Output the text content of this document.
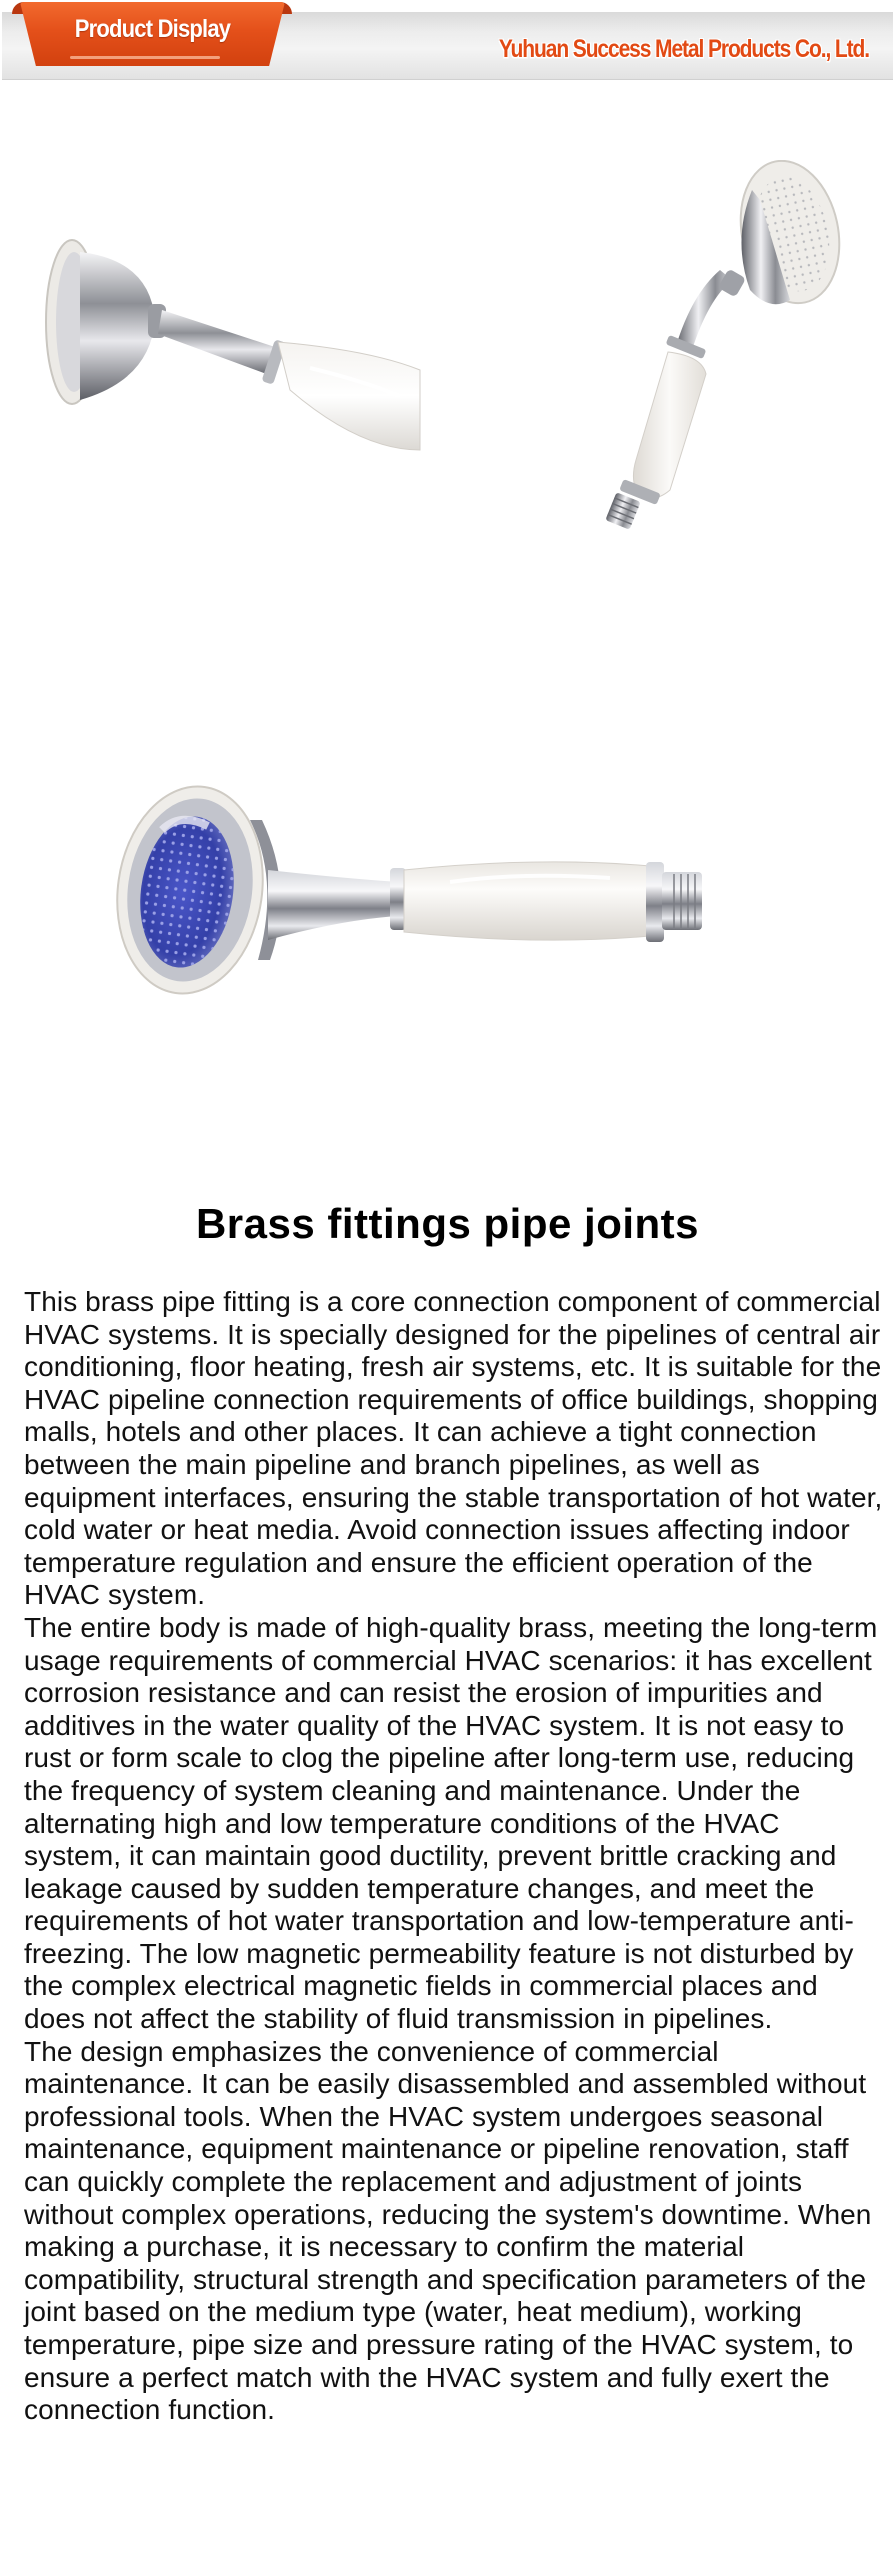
Product Display
Yuhuan Success Metal Products Co., Ltd.
Brass fittings pipe joints

This brass pipe fitting is a core connection component of commercial HVAC systems. It is specially designed for the pipelines of central air conditioning, floor heating, fresh air systems, etc. It is suitable for the HVAC pipeline connection requirements of office buildings, shopping malls, hotels and other places. It can achieve a tight connection between the main pipeline and branch pipelines, as well as equipment interfaces, ensuring the stable transportation of hot water, cold water or heat media. Avoid connection issues affecting indoor temperature regulation and ensure the efficient operation of the HVAC system.

The entire body is made of high-quality brass, meeting the long-term usage requirements of commercial HVAC scenarios: it has excellent corrosion resistance and can resist the erosion of impurities and additives in the water quality of the HVAC system. It is not easy to rust or form scale to clog the pipeline after long-term use, reducing the frequency of system cleaning and maintenance. Under the alternating high and low temperature conditions of the HVAC system, it can maintain good ductility, prevent brittle cracking and leakage caused by sudden temperature changes, and meet the requirements of hot water transportation and low-temperature anti-freezing. The low magnetic permeability feature is not disturbed by the complex electrical magnetic fields in commercial places and does not affect the stability of fluid transmission in pipelines.

The design emphasizes the convenience of commercial maintenance. It can be easily disassembled and assembled without professional tools. When the HVAC system undergoes seasonal maintenance, equipment maintenance or pipeline renovation, staff can quickly complete the replacement and adjustment of joints without complex operations, reducing the system's downtime. When making a purchase, it is necessary to confirm the material compatibility, structural strength and specification parameters of the joint based on the medium type (water, heat medium), working temperature, pipe size and pressure rating of the HVAC system, to ensure a perfect match with the HVAC system and fully exert the connection function.
